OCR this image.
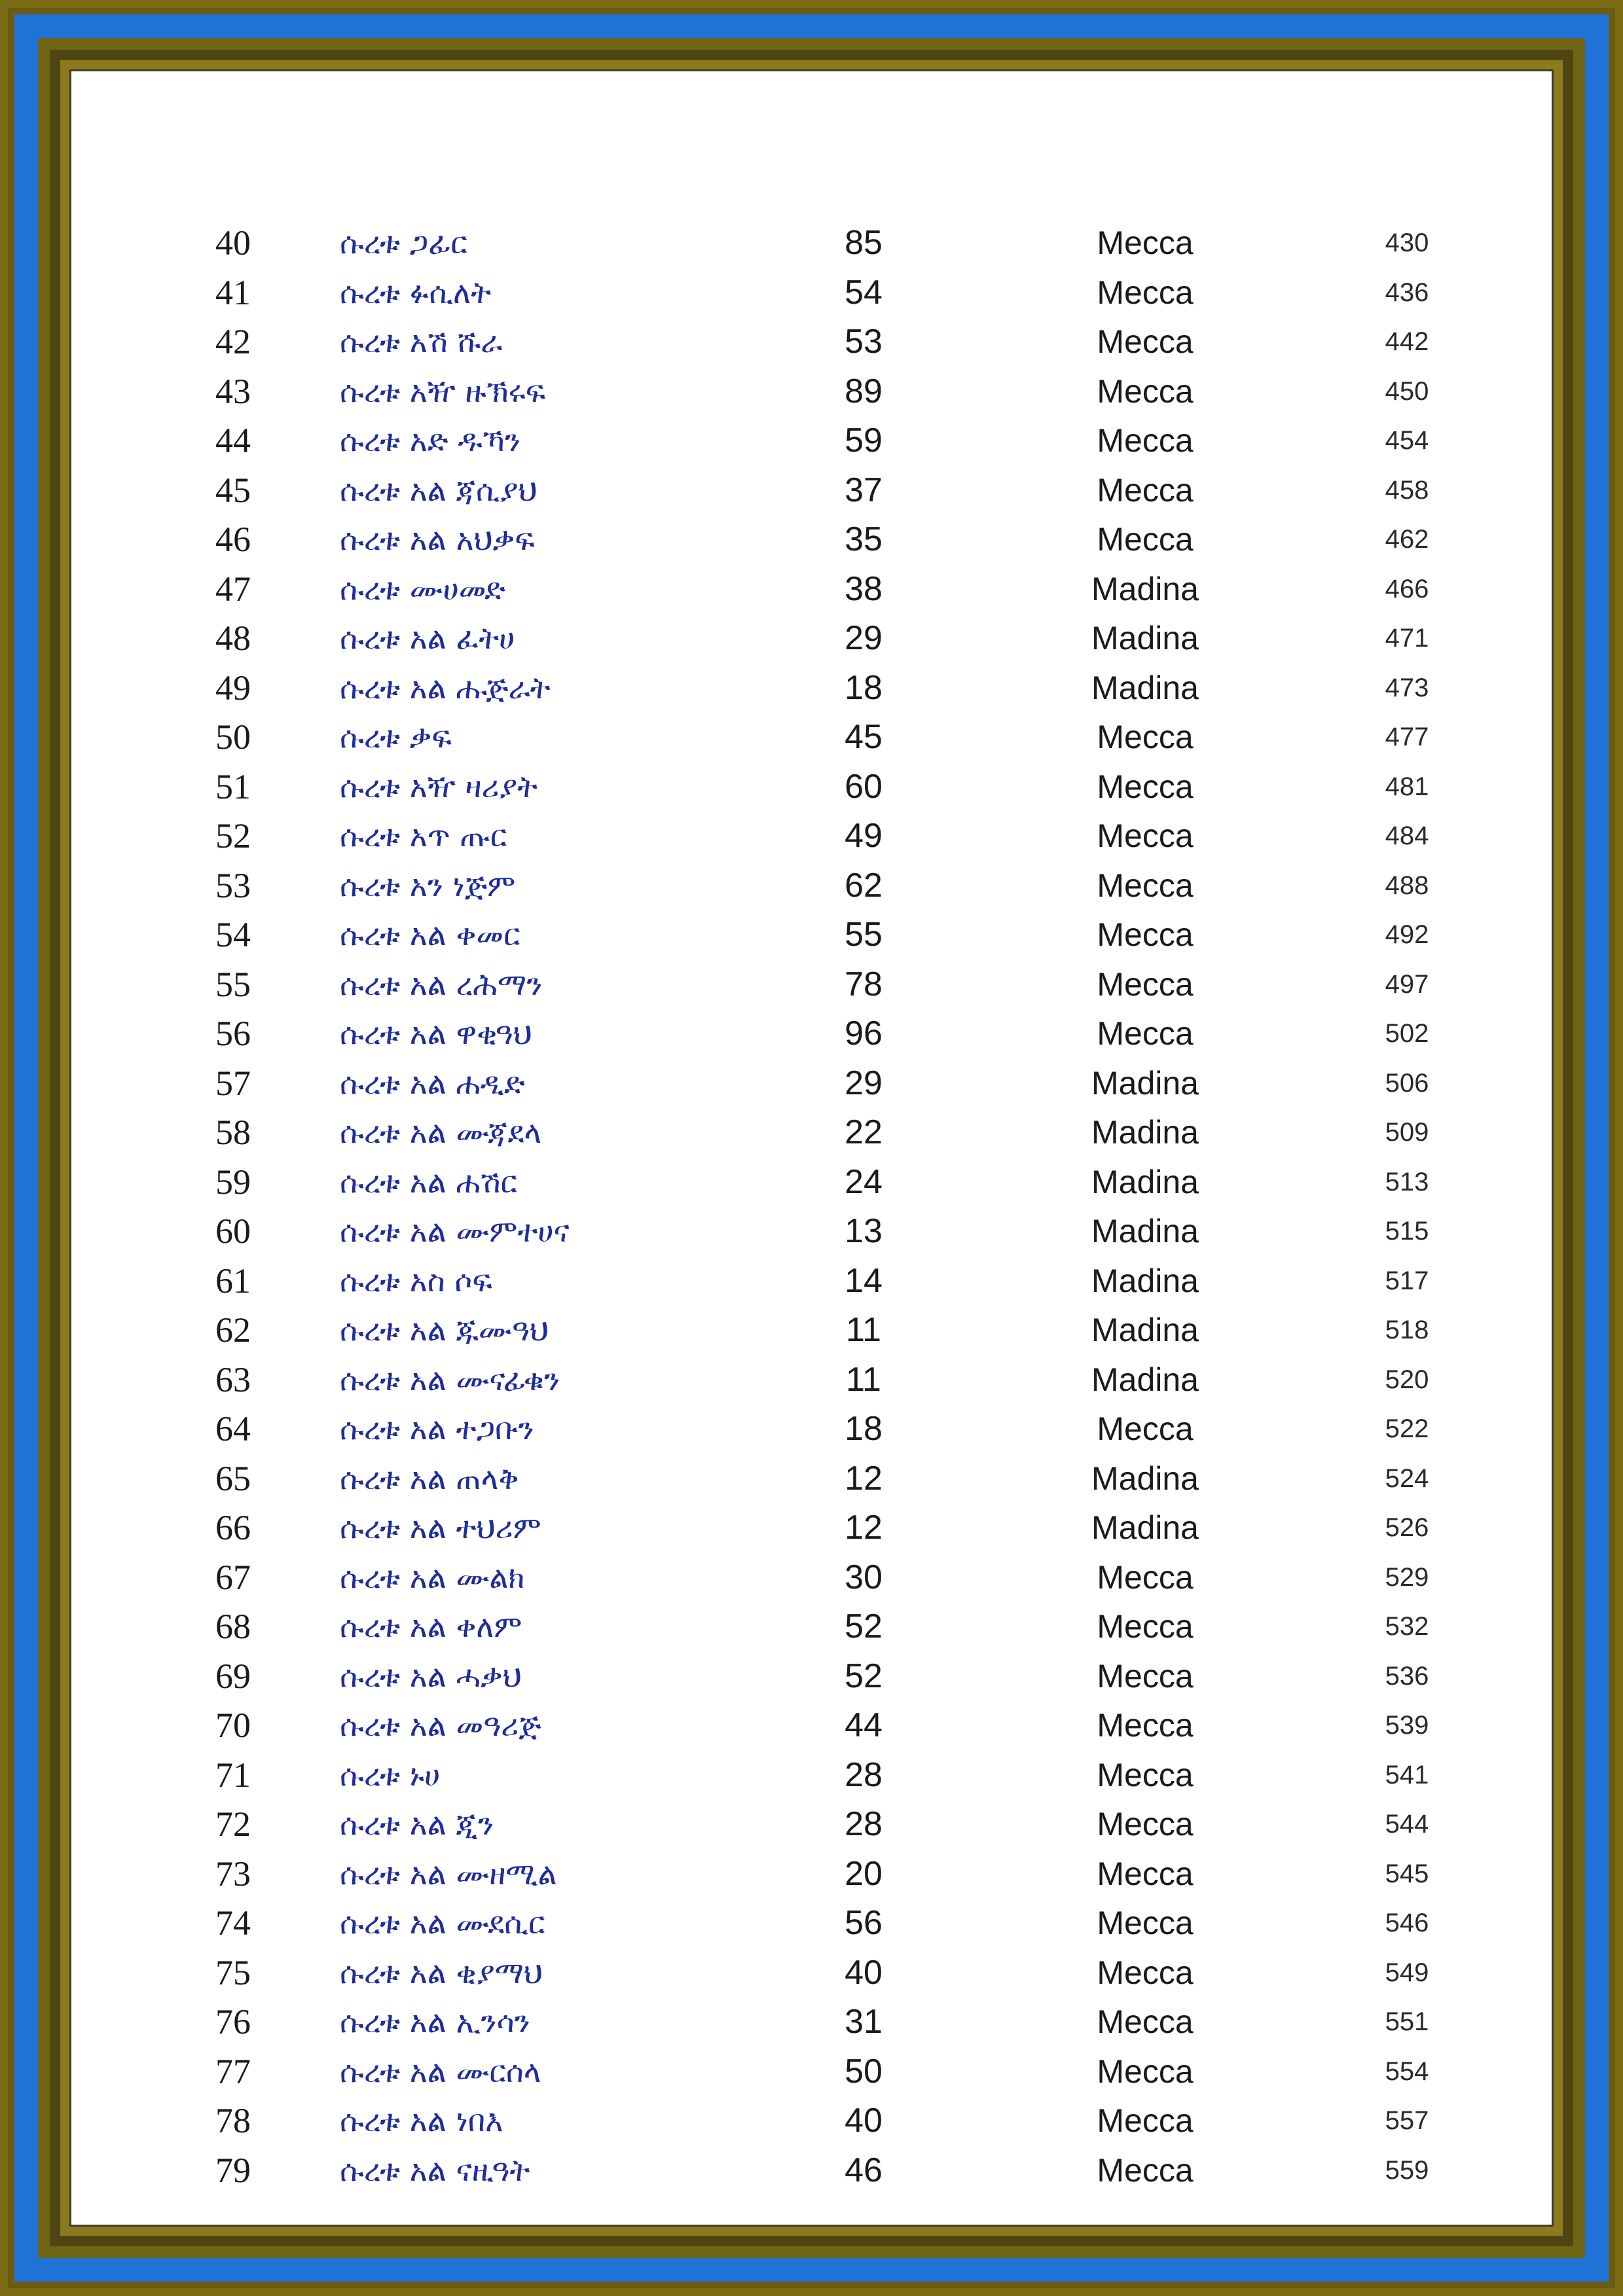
40	ሱረቱ ጋፊር	85	Mecca	430
41	ሱረቱ ፉሲለት	54	Mecca	436
42	ሱረቱ አሽ ሹራ	53	Mecca	442
43	ሱረቱ አዥ ዙኽሩፍ	89	Mecca	450
44	ሱረቱ አድ ዱኻን	59	Mecca	454
45	ሱረቱ አል ጃሲያህ	37	Mecca	458
46	ሱረቱ አል አህቃፍ	35	Mecca	462
47	ሱረቱ ሙሀመድ	38	Madina	466
48	ሱረቱ አል ፈትሀ	29	Madina	471
49	ሱረቱ አል ሑጅራት	18	Madina	473
50	ሱረቱ ቃፍ	45	Mecca	477
51	ሱረቱ አዥ ዛሪያት	60	Mecca	481
52	ሱረቱ አጥ ጡር	49	Mecca	484
53	ሱረቱ አን ነጅም	62	Mecca	488
54	ሱረቱ አል ቀመር	55	Mecca	492
55	ሱረቱ አል ረሕማን	78	Mecca	497
56	ሱረቱ አል ዋቂዓህ	96	Mecca	502
57	ሱረቱ አል ሐዲድ	29	Madina	506
58	ሱረቱ አል ሙጃደላ	22	Madina	509
59	ሱረቱ አል ሐሽር	24	Madina	513
60	ሱረቱ አል ሙምተሀና	13	Madina	515
61	ሱረቱ አስ ሶፍ	14	Madina	517
62	ሱረቱ አል ጁሙዓህ	11	Madina	518
63	ሱረቱ አል ሙናፊቁን	11	Madina	520
64	ሱረቱ አል ተጋቡን	18	Mecca	522
65	ሱረቱ አል ጠላቅ	12	Madina	524
66	ሱረቱ አል ተህሪም	12	Madina	526
67	ሱረቱ አል ሙልክ	30	Mecca	529
68	ሱረቱ አል ቀለም	52	Mecca	532
69	ሱረቱ አል ሓቃህ	52	Mecca	536
70	ሱረቱ አል መዓሪጅ	44	Mecca	539
71	ሱረቱ ኑሀ	28	Mecca	541
72	ሱረቱ አል ጂን	28	Mecca	544
73	ሱረቱ አል ሙዘሚል	20	Mecca	545
74	ሱረቱ አል ሙደሲር	56	Mecca	546
75	ሱረቱ አል ቂያማህ	40	Mecca	549
76	ሱረቱ አል ኢንሳን	31	Mecca	551
77	ሱረቱ አል ሙርሰላ	50	Mecca	554
78	ሱረቱ አል ነበእ	40	Mecca	557
79	ሱረቱ አል ናዚዓት	46	Mecca	559
